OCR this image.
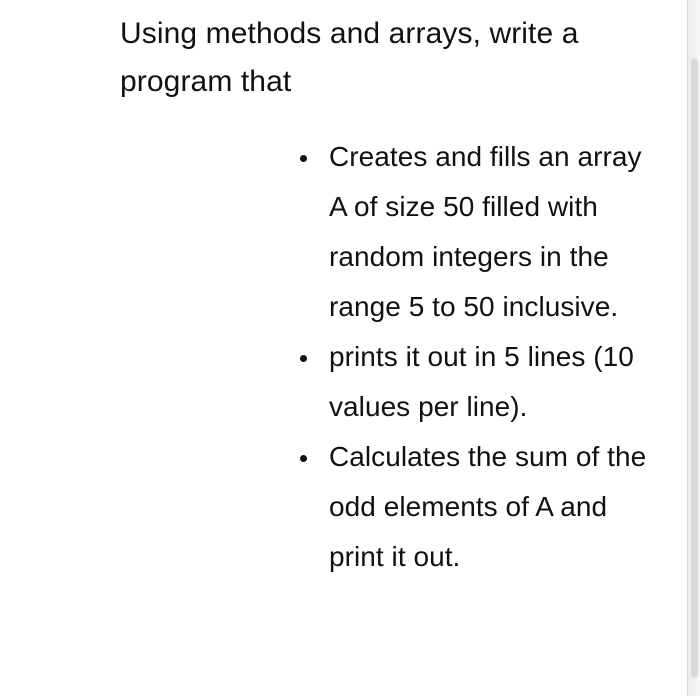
Using methods and arrays, write a program that

Creates and fills an array A of size 50 filled with random integers in the range 5 to 50 inclusive.
prints it out in 5 lines (10 values per line).
Calculates the sum of the odd elements of A and print it out.
